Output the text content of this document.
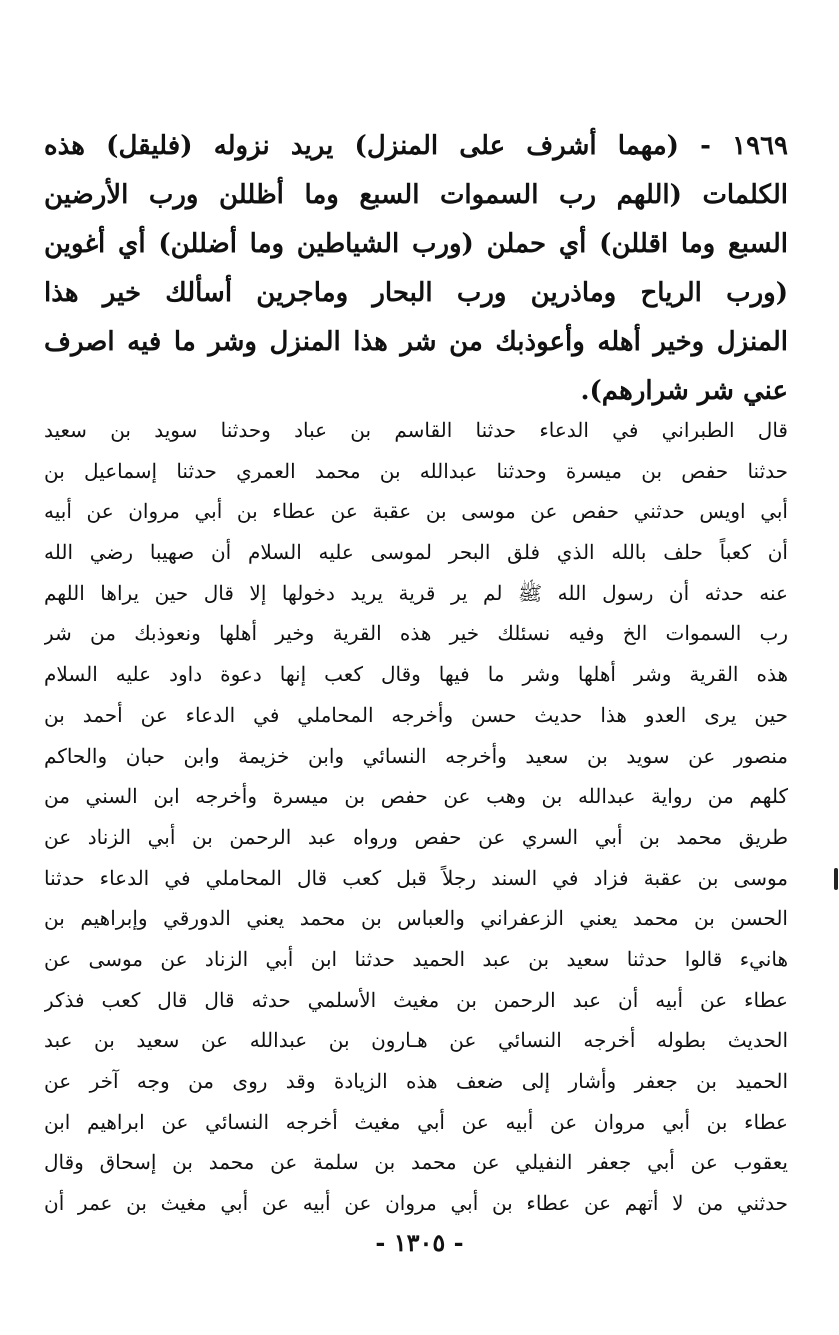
١٩٦٩ - (مهما أشرف على المنزل) يريد نزوله (فليقل) هذه
الكلمات (اللهم رب السموات السبع وما أظللن ورب الأرضين
السبع وما اقللن) أي حملن (ورب الشياطين وما أضللن) أي أغوين
(ورب الرياح وماذرين ورب البحار وماجرين أسألك خير هذا
المنزل وخير أهله وأعوذبك من شر هذا المنزل وشر ما فيه اصرف
عني شر شرارهم).
قال الطبراني في الدعاء حدثنا القاسم بن عباد وحدثنا سويد بن سعيد
حدثنا حفص بن ميسرة وحدثنا عبدالله بن محمد العمري حدثنا إسماعيل بن
أبي اويس حدثني حفص عن موسى بن عقبة عن عطاء بن أبي مروان عن أبيه
أن كعباً حلف بالله الذي فلق البحر لموسى عليه السلام أن صهيبا رضي الله
عنه حدثه أن رسول الله ﷺ لم ير قرية يريد دخولها إلا قال حين يراها اللهم
رب السموات الخ وفيه نسئلك خير هذه القرية وخير أهلها ونعوذبك من شر
هذه القرية وشر أهلها وشر ما فيها وقال كعب إنها دعوة داود عليه السلام
حين يرى العدو هذا حديث حسن وأخرجه المحاملي في الدعاء عن أحمد بن
منصور عن سويد بن سعيد وأخرجه النسائي وابن خزيمة وابن حبان والحاكم
كلهم من رواية عبدالله بن وهب عن حفص بن ميسرة وأخرجه ابن السني من
طريق محمد بن أبي السري عن حفص ورواه عبد الرحمن بن أبي الزناد عن
موسى بن عقبة فزاد في السند رجلاً قبل كعب قال المحاملي في الدعاء حدثنا
الحسن بن محمد يعني الزعفراني والعباس بن محمد يعني الدورقي وإبراهيم بن
هانيء قالوا حدثنا سعيد بن عبد الحميد حدثنا ابن أبي الزناد عن موسى عن
عطاء عن أبيه أن عبد الرحمن بن مغيث الأسلمي حدثه قال قال كعب فذكر
الحديث بطوله أخرجه النسائي عن هـارون بن عبدالله عن سعيد بن عبد
الحميد بن جعفر وأشار إلى ضعف هذه الزيادة وقد روى من وجه آخر عن
عطاء بن أبي مروان عن أبيه عن أبي مغيث أخرجه النسائي عن ابراهيم ابن
يعقوب عن أبي جعفر النفيلي عن محمد بن سلمة عن محمد بن إسحاق وقال
حدثني من لا أتهم عن عطاء بن أبي مروان عن أبيه عن أبي مغيث بن عمر أن
- ١٣٠٥ -
